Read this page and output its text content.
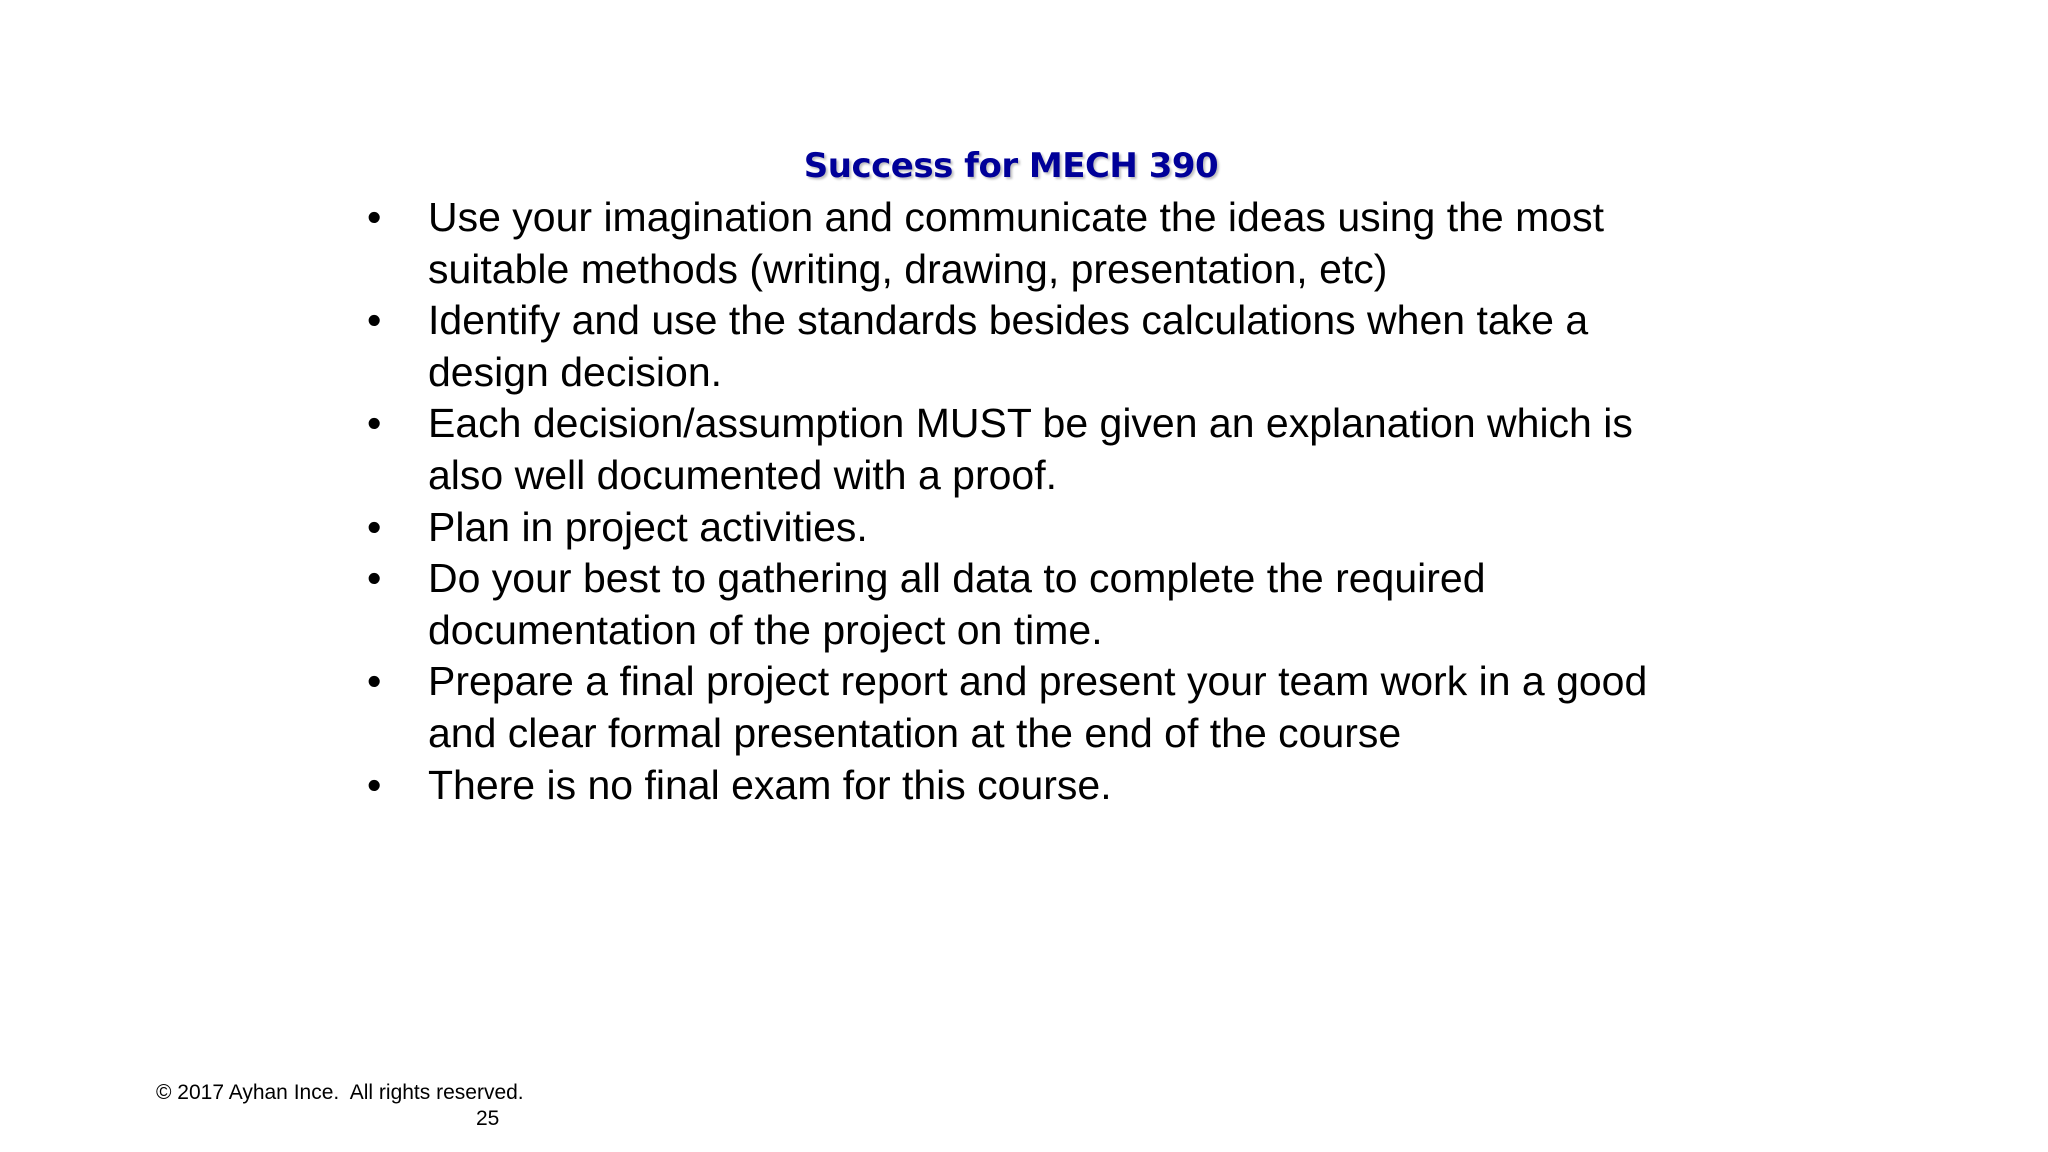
Success for MECH 390
• Use your imagination and communicate the ideas using the most suitable methods (writing, drawing, presentation, etc)
• Identify and use the standards besides calculations when take a design decision.
• Each decision/assumption MUST be given an explanation which is also well documented with a proof.
• Plan in project activities.
• Do your best to gathering all data to complete the required documentation of the project on time.
• Prepare a final project report and present your team work in a good and clear formal presentation at the end of the course
• There is no final exam for this course.
© 2017 Ayhan Ince.  All rights reserved.
25
